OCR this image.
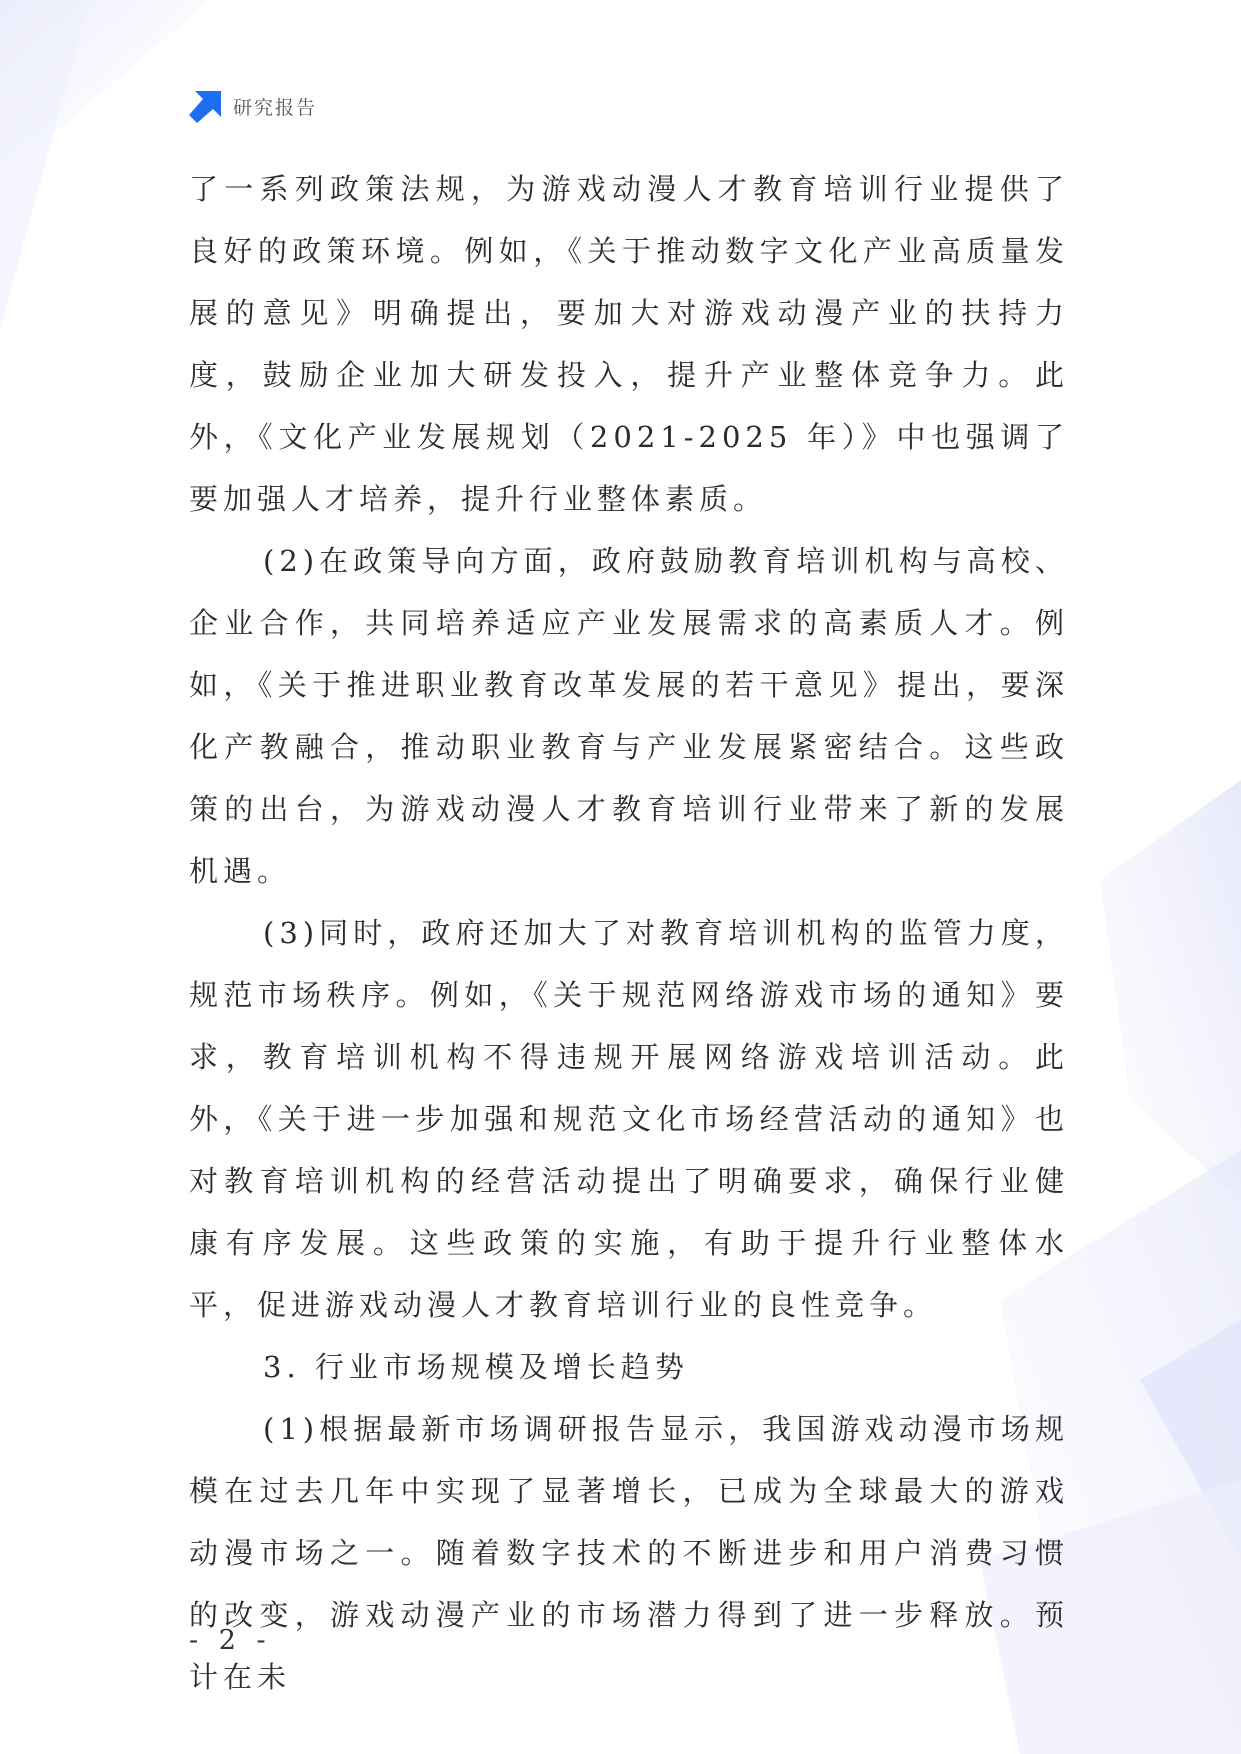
研究报告

了一系列政策法规，为游戏动漫人才教育培训行业提供了良好的政策环境。例如，《关于推动数字文化产业高质量发展的意见》明确提出，要加大对游戏动漫产业的扶持力度，鼓励企业加大研发投入，提升产业整体竞争力。此外，《文化产业发展规划（2021-2025 年）》中也强调了要加强人才培养，提升行业整体素质。

(2)在政策导向方面，政府鼓励教育培训机构与高校、企业合作，共同培养适应产业发展需求的高素质人才。例如，《关于推进职业教育改革发展的若干意见》提出，要深化产教融合，推动职业教育与产业发展紧密结合。这些政策的出台，为游戏动漫人才教育培训行业带来了新的发展机遇。

(3)同时，政府还加大了对教育培训机构的监管力度，规范市场秩序。例如，《关于规范网络游戏市场的通知》要求，教育培训机构不得违规开展网络游戏培训活动。此外，《关于进一步加强和规范文化市场经营活动的通知》也对教育培训机构的经营活动提出了明确要求，确保行业健康有序发展。这些政策的实施，有助于提升行业整体水平，促进游戏动漫人才教育培训行业的良性竞争。

3. 行业市场规模及增长趋势

(1)根据最新市场调研报告显示，我国游戏动漫市场规模在过去几年中实现了显著增长，已成为全球最大的游戏动漫市场之一。随着数字技术的不断进步和用户消费习惯的改变，游戏动漫产业的市场潜力得到了进一步释放。预计在未

- 2 -
